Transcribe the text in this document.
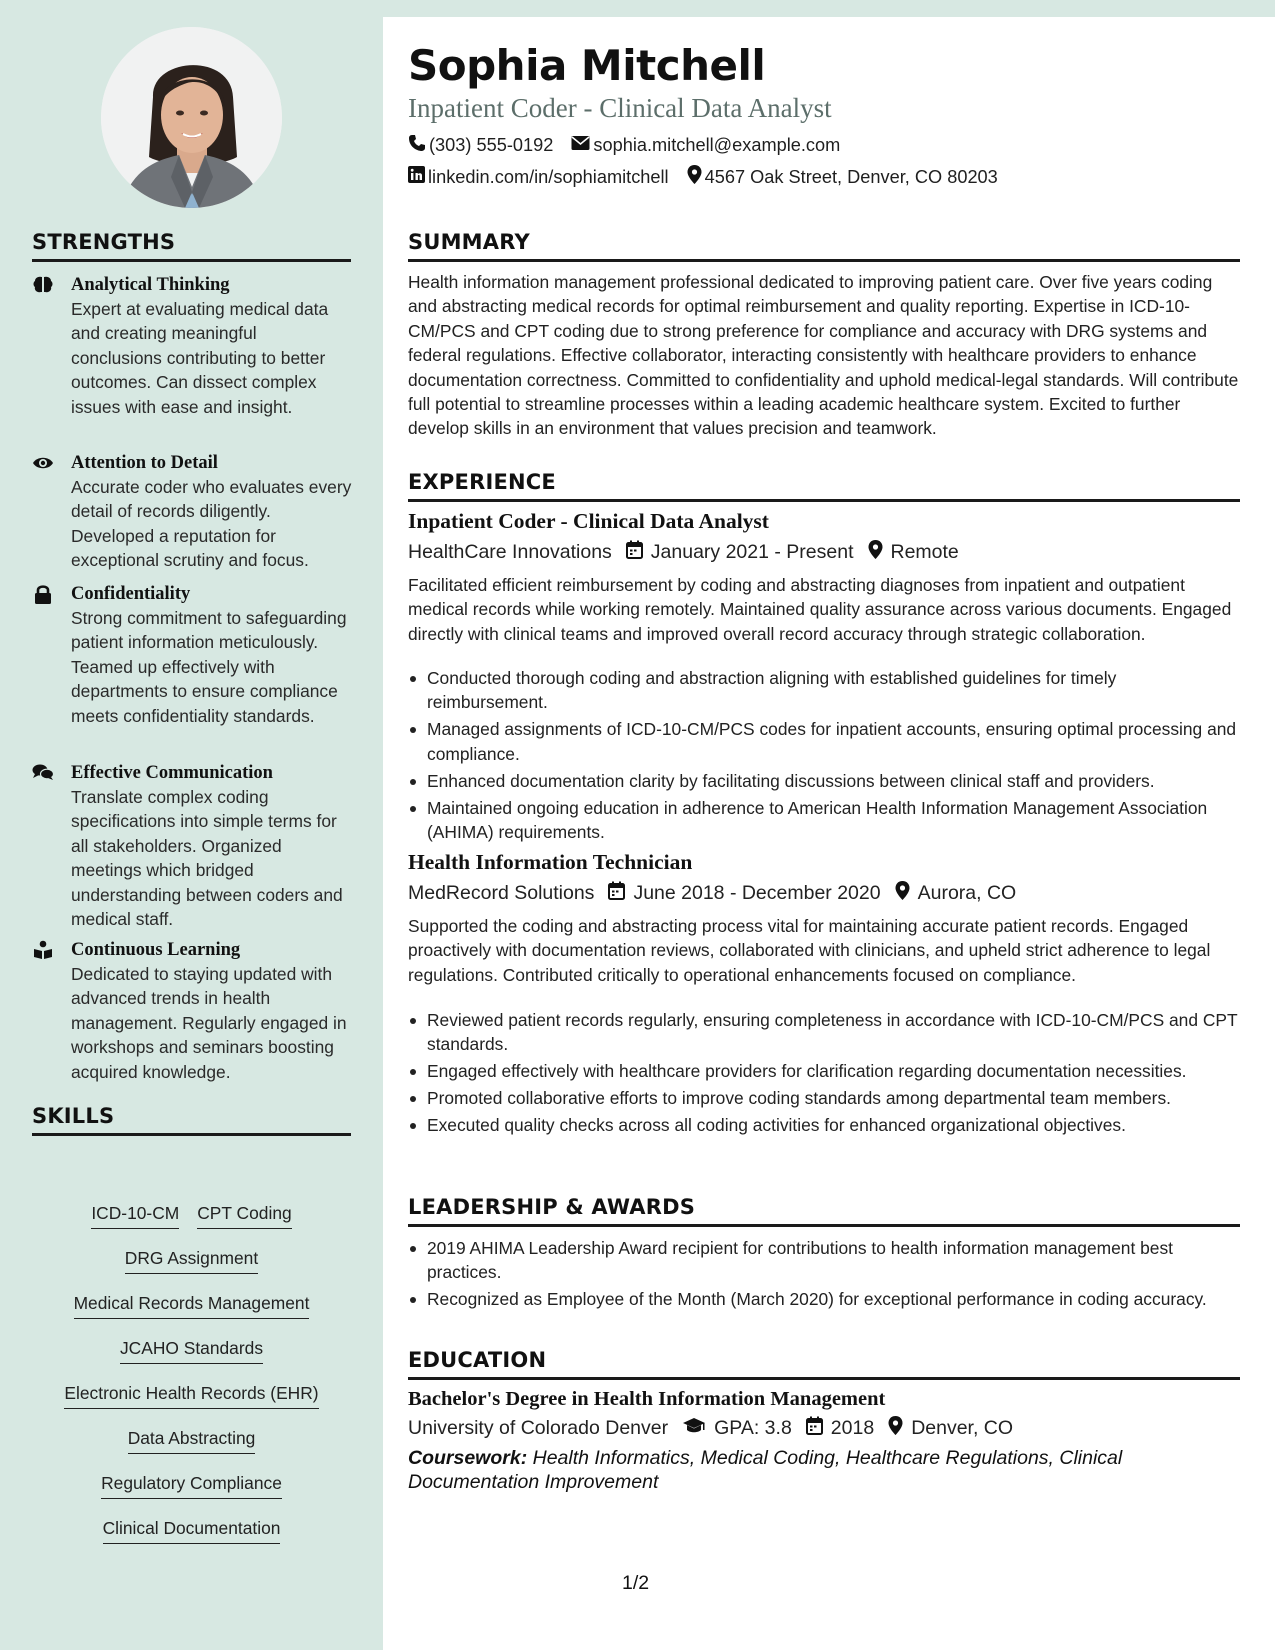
STRENGTHS
Analytical Thinking
Expert at evaluating medical data and creating meaningful conclusions contributing to better outcomes. Can dissect complex issues with ease and insight.
Attention to Detail
Accurate coder who evaluates every detail of records diligently. Developed a reputation for exceptional scrutiny and focus.
Confidentiality
Strong commitment to safeguarding patient information meticulously. Teamed up effectively with departments to ensure compliance meets confidentiality standards.
Effective Communication
Translate complex coding specifications into simple terms for all stakeholders. Organized meetings which bridged understanding between coders and medical staff.
Continuous Learning
Dedicated to staying updated with advanced trends in health management. Regularly engaged in workshops and seminars boosting acquired knowledge.
SKILLS
ICD-10-CM CPT Coding
DRG Assignment
Medical Records Management
JCAHO Standards
Electronic Health Records (EHR)
Data Abstracting
Regulatory Compliance
Clinical Documentation
Sophia Mitchell
Inpatient Coder - Clinical Data Analyst
(303) 555-0192 sophia.mitchell@example.com
linkedin.com/in/sophiamitchell 4567 Oak Street, Denver, CO 80203
SUMMARY
Health information management professional dedicated to improving patient care. Over five years coding and abstracting medical records for optimal reimbursement and quality reporting. Expertise in ICD-10-CM/PCS and CPT coding due to strong preference for compliance and accuracy with DRG systems and federal regulations. Effective collaborator, interacting consistently with healthcare providers to enhance documentation correctness. Committed to confidentiality and uphold medical-legal standards. Will contribute full potential to streamline processes within a leading academic healthcare system. Excited to further develop skills in an environment that values precision and teamwork.
EXPERIENCE
Inpatient Coder - Clinical Data Analyst
HealthCare Innovations January 2021 - Present Remote
Facilitated efficient reimbursement by coding and abstracting diagnoses from inpatient and outpatient medical records while working remotely. Maintained quality assurance across various documents. Engaged directly with clinical teams and improved overall record accuracy through strategic collaboration.
Conducted thorough coding and abstraction aligning with established guidelines for timely reimbursement.
Managed assignments of ICD-10-CM/PCS codes for inpatient accounts, ensuring optimal processing and compliance.
Enhanced documentation clarity by facilitating discussions between clinical staff and providers.
Maintained ongoing education in adherence to American Health Information Management Association (AHIMA) requirements.
Health Information Technician
MedRecord Solutions June 2018 - December 2020 Aurora, CO
Supported the coding and abstracting process vital for maintaining accurate patient records. Engaged proactively with documentation reviews, collaborated with clinicians, and upheld strict adherence to legal regulations. Contributed critically to operational enhancements focused on compliance.
Reviewed patient records regularly, ensuring completeness in accordance with ICD-10-CM/PCS and CPT standards.
Engaged effectively with healthcare providers for clarification regarding documentation necessities.
Promoted collaborative efforts to improve coding standards among departmental team members.
Executed quality checks across all coding activities for enhanced organizational objectives.
LEADERSHIP & AWARDS
2019 AHIMA Leadership Award recipient for contributions to health information management best practices.
Recognized as Employee of the Month (March 2020) for exceptional performance in coding accuracy.
EDUCATION
Bachelor's Degree in Health Information Management
University of Colorado Denver GPA: 3.8 2018 Denver, CO
Coursework: Health Informatics, Medical Coding, Healthcare Regulations, Clinical Documentation Improvement
1/2
